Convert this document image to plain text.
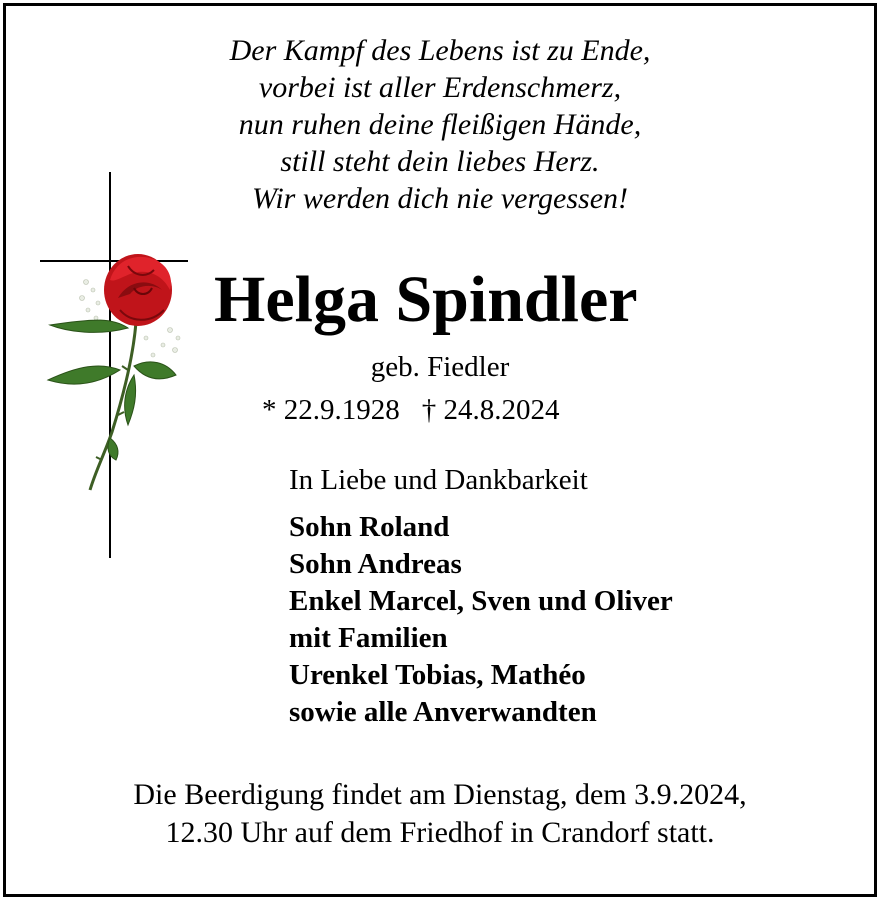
Der Kampf des Lebens ist zu Ende,
vorbei ist aller Erdenschmerz,
nun ruhen deine fleißigen Hände,
still steht dein liebes Herz.
Wir werden dich nie vergessen!
Helga Spindler
geb. Fiedler
* 22.9.1928 † 24.8.2024
In Liebe und Dankbarkeit
Sohn Roland
Sohn Andreas
Enkel Marcel, Sven und Oliver
mit Familien
Urenkel Tobias, Mathéo
sowie alle Anverwandten
Die Beerdigung findet am Dienstag, dem 3.9.2024,
12.30 Uhr auf dem Friedhof in Crandorf statt.
